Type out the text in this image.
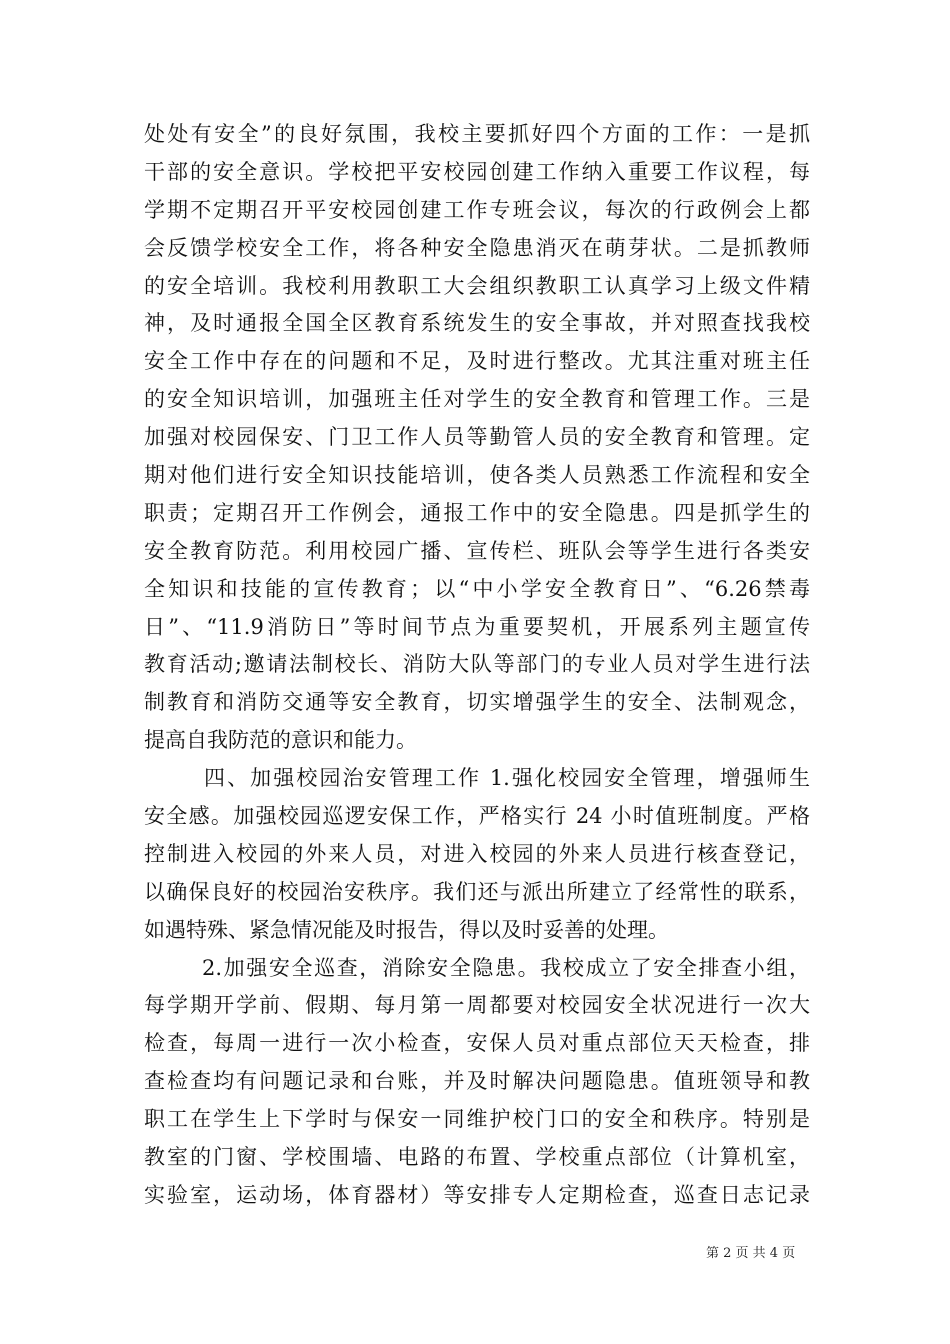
处处有安全”的良好氛围，我校主要抓好四个方面的工作：一是抓
干部的安全意识。学校把平安校园创建工作纳入重要工作议程，每
学期不定期召开平安校园创建工作专班会议，每次的行政例会上都
会反馈学校安全工作，将各种安全隐患消灭在萌芽状。二是抓教师
的安全培训。我校利用教职工大会组织教职工认真学习上级文件精
神，及时通报全国全区教育系统发生的安全事故，并对照查找我校
安全工作中存在的问题和不足，及时进行整改。尤其注重对班主任
的安全知识培训，加强班主任对学生的安全教育和管理工作。三是
加强对校园保安、门卫工作人员等勤管人员的安全教育和管理。定
期对他们进行安全知识技能培训，使各类人员熟悉工作流程和安全
职责；定期召开工作例会，通报工作中的安全隐患。四是抓学生的
安全教育防范。利用校园广播、宣传栏、班队会等学生进行各类安
全知识和技能的宣传教育；以“中小学安全教育日”、“6.26禁毒
日”、“11.9消防日”等时间节点为重要契机，开展系列主题宣传
教育活动;邀请法制校长、消防大队等部门的专业人员对学生进行法
制教育和消防交通等安全教育，切实增强学生的安全、法制观念，
提高自我防范的意识和能力。
四、加强校园治安管理工作 1.强化校园安全管理，增强师生
安全感。加强校园巡逻安保工作，严格实行 24 小时值班制度。严格
控制进入校园的外来人员，对进入校园的外来人员进行核查登记，
以确保良好的校园治安秩序。我们还与派出所建立了经常性的联系，
如遇特殊、紧急情况能及时报告，得以及时妥善的处理。
2.加强安全巡查，消除安全隐患。我校成立了安全排查小组，
每学期开学前、假期、每月第一周都要对校园安全状况进行一次大
检查，每周一进行一次小检查，安保人员对重点部位天天检查，排
查检查均有问题记录和台账，并及时解决问题隐患。值班领导和教
职工在学生上下学时与保安一同维护校门口的安全和秩序。特别是
教室的门窗、学校围墙、电路的布置、学校重点部位（计算机室，
实验室，运动场，体育器材）等安排专人定期检查，巡查日志记录
第 2 页 共 4 页
